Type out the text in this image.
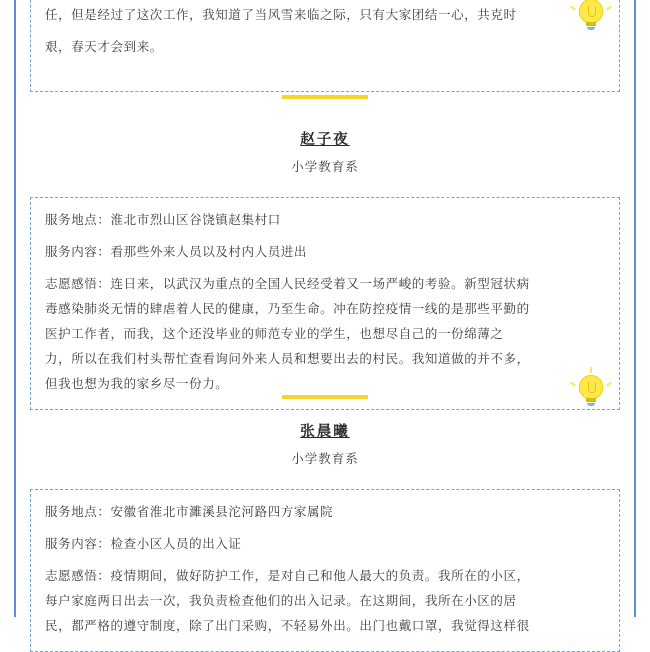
任，但是经过了这次工作，我知道了当风雪来临之际，只有大家团结一心，共克时

艰，春天才会到来。

赵子夜

小学教育系

服务地点：淮北市烈山区谷饶镇赵集村口

服务内容：看那些外来人员以及村内人员进出

志愿感悟：连日来，以武汉为重点的全国人民经受着又一场严峻的考验。新型冠状病

毒感染肺炎无情的肆虐着人民的健康，乃至生命。冲在防控疫情一线的是那些平勤的

医护工作者，而我，这个还没毕业的师范专业的学生，也想尽自己的一份绵薄之

力，所以在我们村头帮忙查看询问外来人员和想要出去的村民。我知道做的并不多，

但我也想为我的家乡尽一份力。

张晨曦

小学教育系

服务地点：安徽省淮北市濉溪县沱河路四方家属院

服务内容：检查小区人员的出入证

志愿感悟：疫情期间，做好防护工作，是对自己和他人最大的负责。我所在的小区，

每户家庭两日出去一次，我负责检查他们的出入记录。在这期间，我所在小区的居

民，都严格的遵守制度，除了出门采购，不轻易外出。出门也戴口罩，我觉得这样很
